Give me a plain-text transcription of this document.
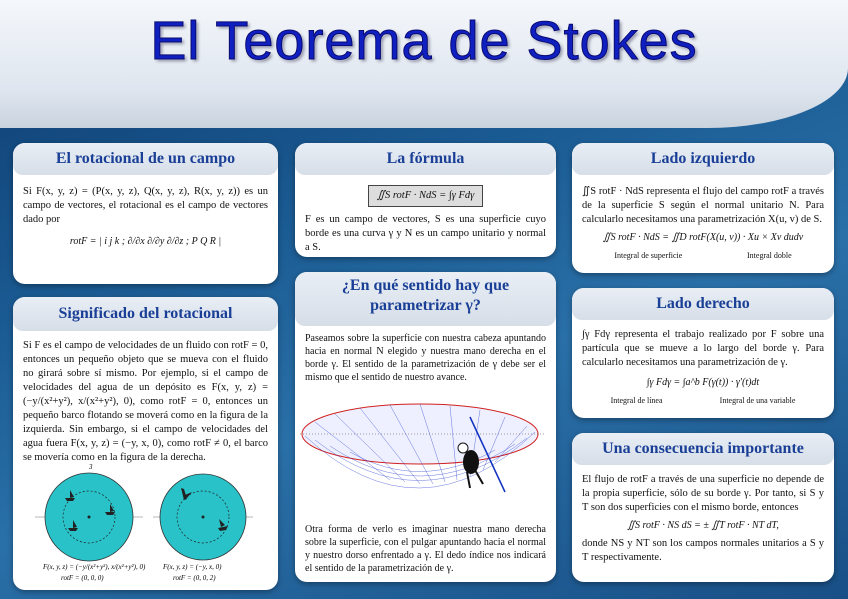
El Teorema de Stokes
El rotacional de un campo
Si F(x, y, z) = (P(x, y, z), Q(x, y, z), R(x, y, z)) es un campo de vectores, el rotacional es el campo de vectores dado por
rotF = | i j k ; ∂/∂x ∂/∂y ∂/∂z ; P Q R |
La fórmula
∬S rotF · NdS = ∫γ Fdγ
F es un campo de vectores, S es una superficie cuyo borde es una curva γ y N es un campo unitario y normal a S.
Lado izquierdo
∬S rotF · NdS representa el flujo del campo rotF a través de la superficie S según el normal unitario N. Para calcularlo necesitamos una parametrización X(u, v) de S.
∬S rotF · NdS = ∬D rotF(X(u, v)) · Xu × Xv dudv
Integral de superficie	Integral doble
Significado del rotacional
Si F es el campo de velocidades de un fluido con rotF = 0, entonces un pequeño objeto que se mueva con el fluido no girará sobre sí mismo. Por ejemplo, si el campo de velocidades del agua de un depósito es F(x, y, z) = (−y/(x²+y²), x/(x²+y²), 0), como rotF = 0, entonces un pequeño barco flotando se moverá como en la figura de la izquierda. Sin embargo, si el campo de velocidades del agua fuera F(x, y, z) = (−y, x, 0), como rotF ≠ 0, el barco se movería como en la figura de la derecha.
3
F(x, y, z) = (−y/(x²+y²), x/(x²+y²), 0)
rotF = (0, 0, 0)
F(x, y, z) = (−y, x, 0)
rotF = (0, 0, 2)
¿En qué sentido hay que
parametrizar γ?
Paseamos sobre la superficie con nuestra cabeza apuntando hacia en normal N elegido y nuestra mano derecha en el borde γ. El sentido de la parametrización de γ debe ser el mismo que el sentido de nuestro avance.
Otra forma de verlo es imaginar nuestra mano derecha sobre la superficie, con el pulgar apuntando hacia el normal y nuestro dorso enfrentado a γ. El dedo índice nos indicará el sentido de la parametrización de γ.
Lado derecho
∫γ Fdγ representa el trabajo realizado por F sobre una partícula que se mueve a lo largo del borde γ. Para calcularlo necesitamos una parametrización de γ.
∫γ Fdγ = ∫a^b F(γ(t)) · γ′(t)dt
Integral de línea	Integral de una variable
Una consecuencia importante
El flujo de rotF a través de una superficie no depende de la propia superficie, sólo de su borde γ. Por tanto, si S y T son dos superficies con el mismo borde, entonces
∬S rotF · NS dS = ± ∬T rotF · NT dT,
donde NS y NT son los campos normales unitarios a S y T respectivamente.
